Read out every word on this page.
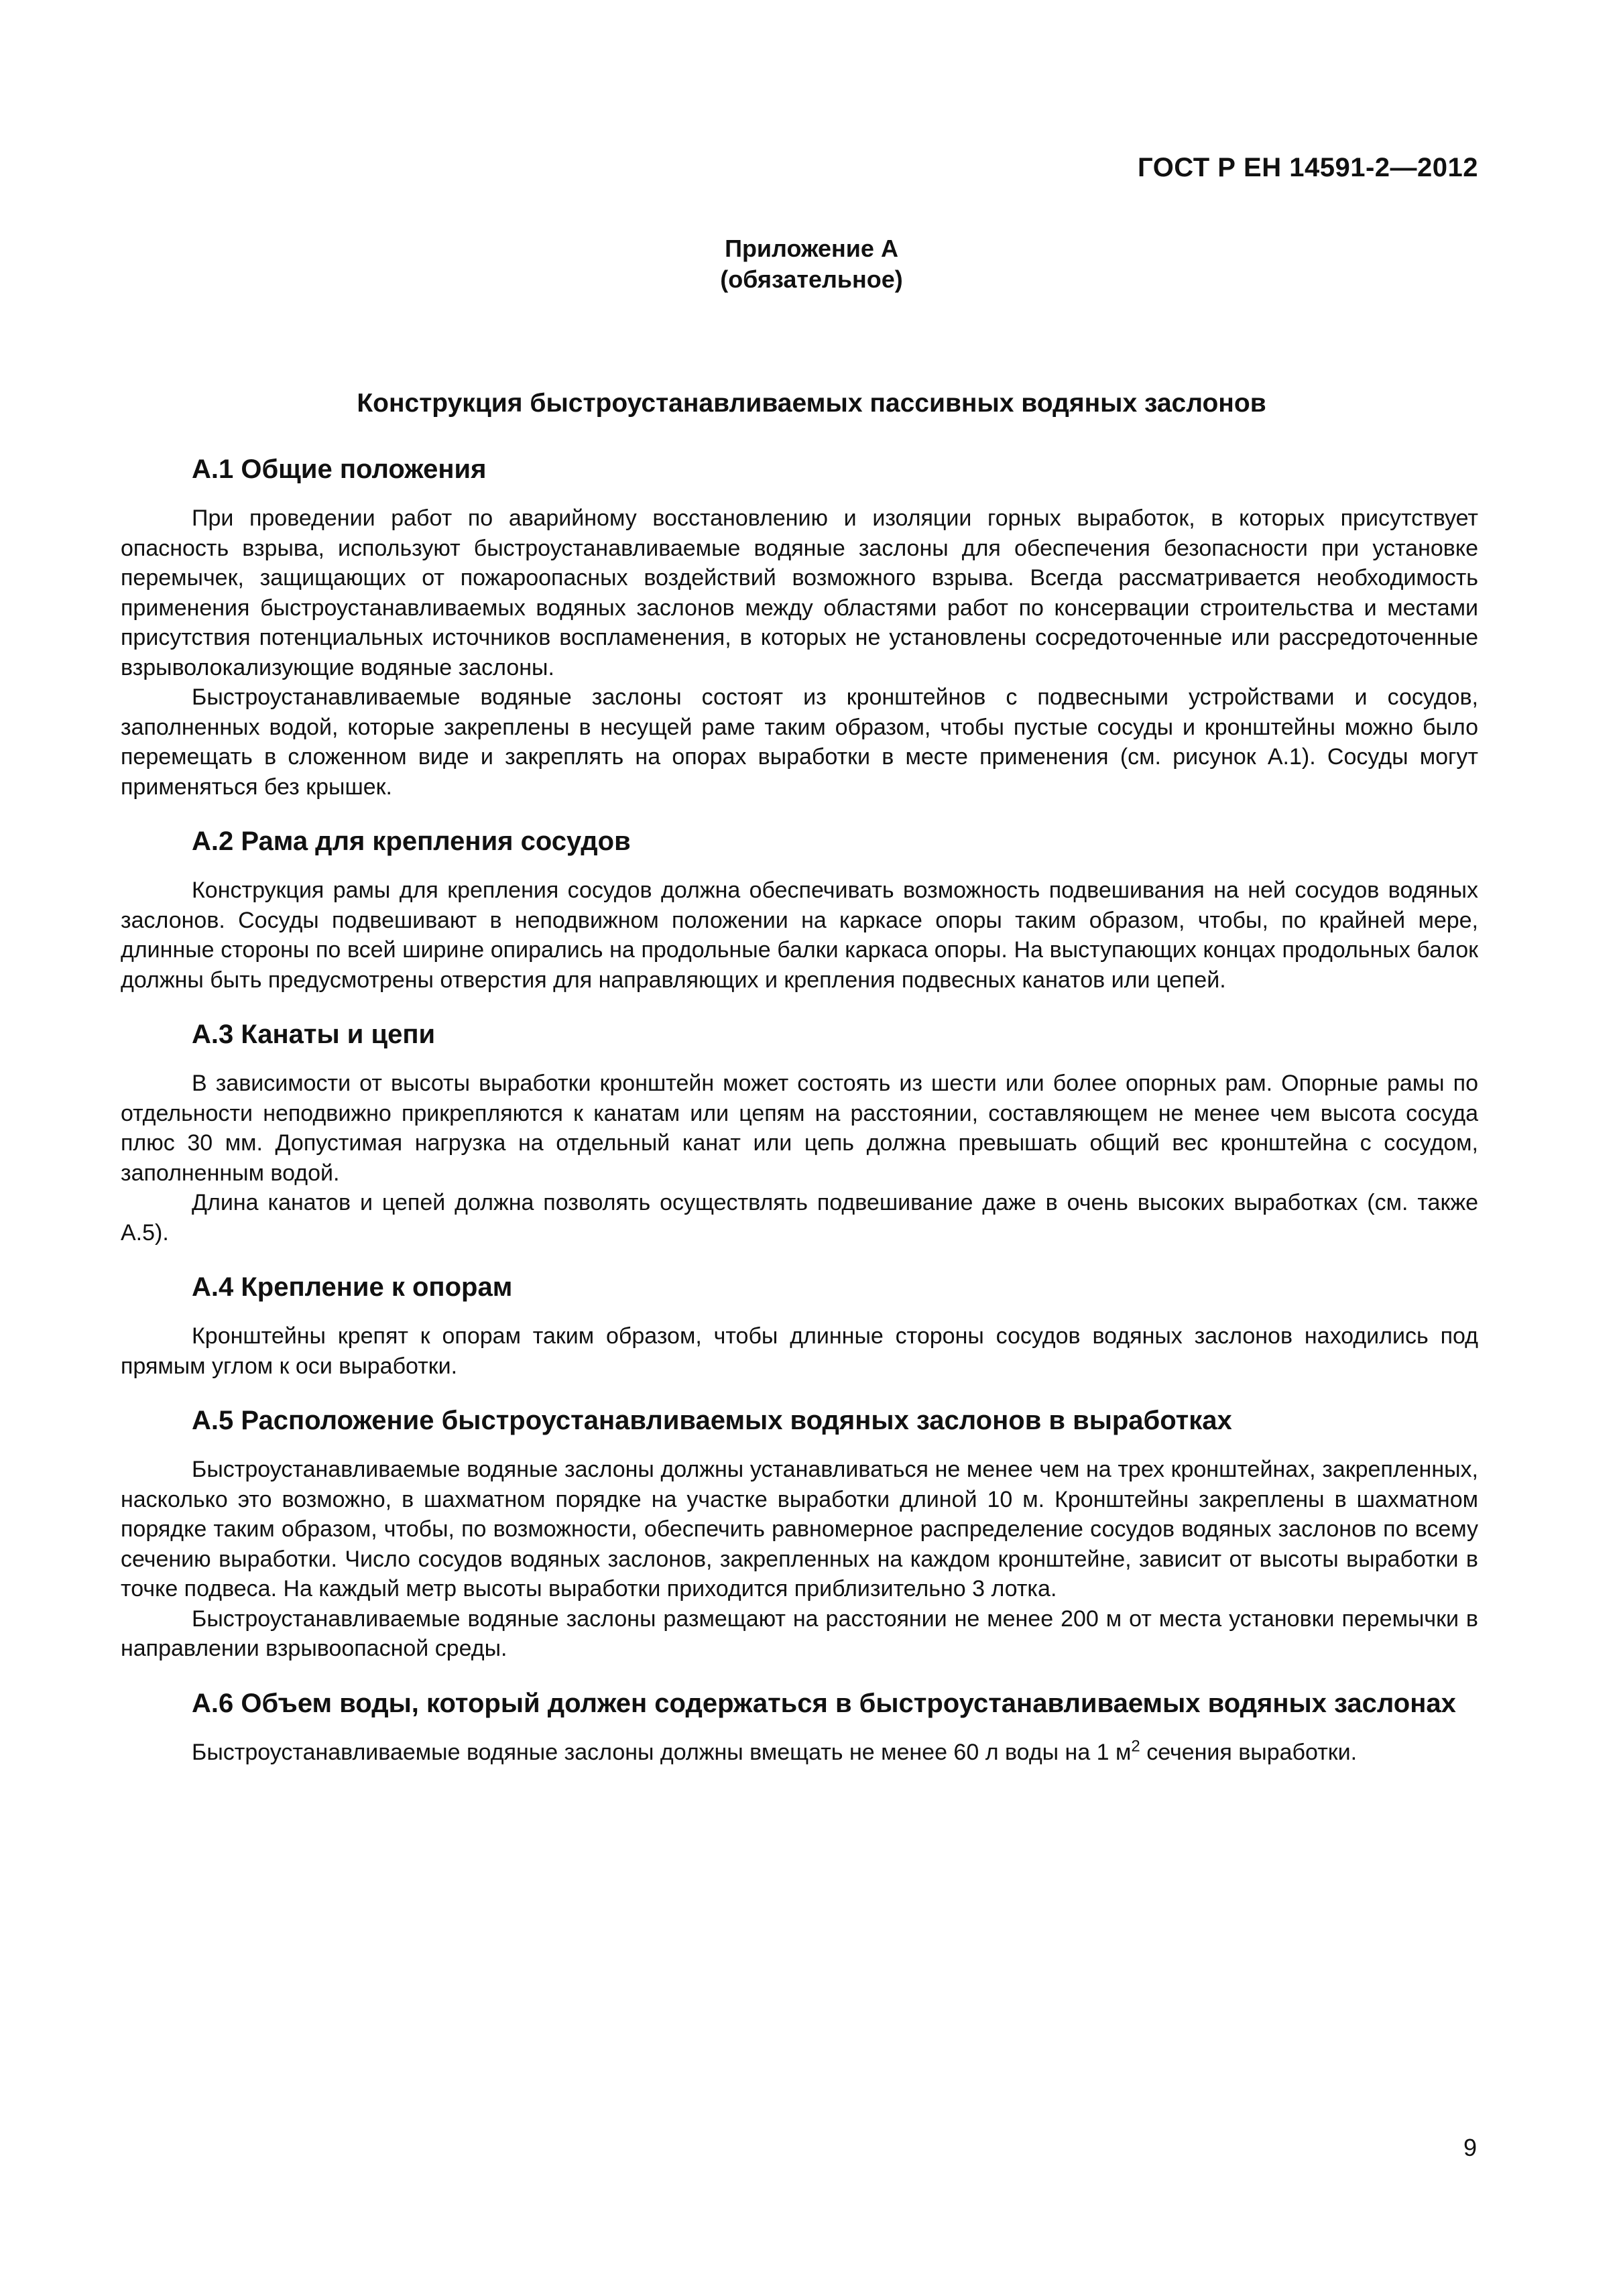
ГОСТ Р ЕН 14591-2—2012
Приложение А
(обязательное)
Конструкция быстроустанавливаемых пассивных водяных заслонов
А.1 Общие положения

При проведении работ по аварийному восстановлению и изоляции горных выработок, в которых присутствует опасность взрыва, используют быстроустанавливаемые водяные заслоны для обеспечения безопасности при установке перемычек, защищающих от пожароопасных воздействий возможного взрыва. Всегда рассматривается необходимость применения быстроустанавливаемых водяных заслонов между областями работ по консервации строительства и местами присутствия потенциальных источников воспламенения, в которых не установлены сосредоточенные или рассредоточенные взрыволокализующие водяные заслоны.

Быстроустанавливаемые водяные заслоны состоят из кронштейнов с подвесными устройствами и сосудов, заполненных водой, которые закреплены в несущей раме таким образом, чтобы пустые сосуды и кронштейны можно было перемещать в сложенном виде и закреплять на опорах выработки в месте применения (см. рисунок А.1). Сосуды могут применяться без крышек.

А.2 Рама для крепления сосудов

Конструкция рамы для крепления сосудов должна обеспечивать возможность подвешивания на ней сосудов водяных заслонов. Сосуды подвешивают в неподвижном положении на каркасе опоры таким образом, чтобы, по крайней мере, длинные стороны по всей ширине опирались на продольные балки каркаса опоры. На выступающих концах продольных балок должны быть предусмотрены отверстия для направляющих и крепления подвесных канатов или цепей.

А.3 Канаты и цепи

В зависимости от высоты выработки кронштейн может состоять из шести или более опорных рам. Опорные рамы по отдельности неподвижно прикрепляются к канатам или цепям на расстоянии, составляющем не менее чем высота сосуда плюс 30 мм. Допустимая нагрузка на отдельный канат или цепь должна превышать общий вес кронштейна с сосудом, заполненным водой.

Длина канатов и цепей должна позволять осуществлять подвешивание даже в очень высоких выработках (см. также А.5).

А.4 Крепление к опорам

Кронштейны крепят к опорам таким образом, чтобы длинные стороны сосудов водяных заслонов находились под прямым углом к оси выработки.

А.5 Расположение быстроустанавливаемых водяных заслонов в выработках

Быстроустанавливаемые водяные заслоны должны устанавливаться не менее чем на трех кронштейнах, закрепленных, насколько это возможно, в шахматном порядке на участке выработки длиной 10 м. Кронштейны закреплены в шахматном порядке таким образом, чтобы, по возможности, обеспечить равномерное распределение сосудов водяных заслонов по всему сечению выработки. Число сосудов водяных заслонов, закрепленных на каждом кронштейне, зависит от высоты выработки в точке подвеса. На каждый метр высоты выработки приходится приблизительно 3 лотка.

Быстроустанавливаемые водяные заслоны размещают на расстоянии не менее 200 м от места установки перемычки в направлении взрывоопасной среды.

А.6 Объем воды, который должен содержаться в быстроустанавливаемых водяных заслонах

Быстроустанавливаемые водяные заслоны должны вмещать не менее 60 л воды на 1 $м^2$ сечения выработки.

9
